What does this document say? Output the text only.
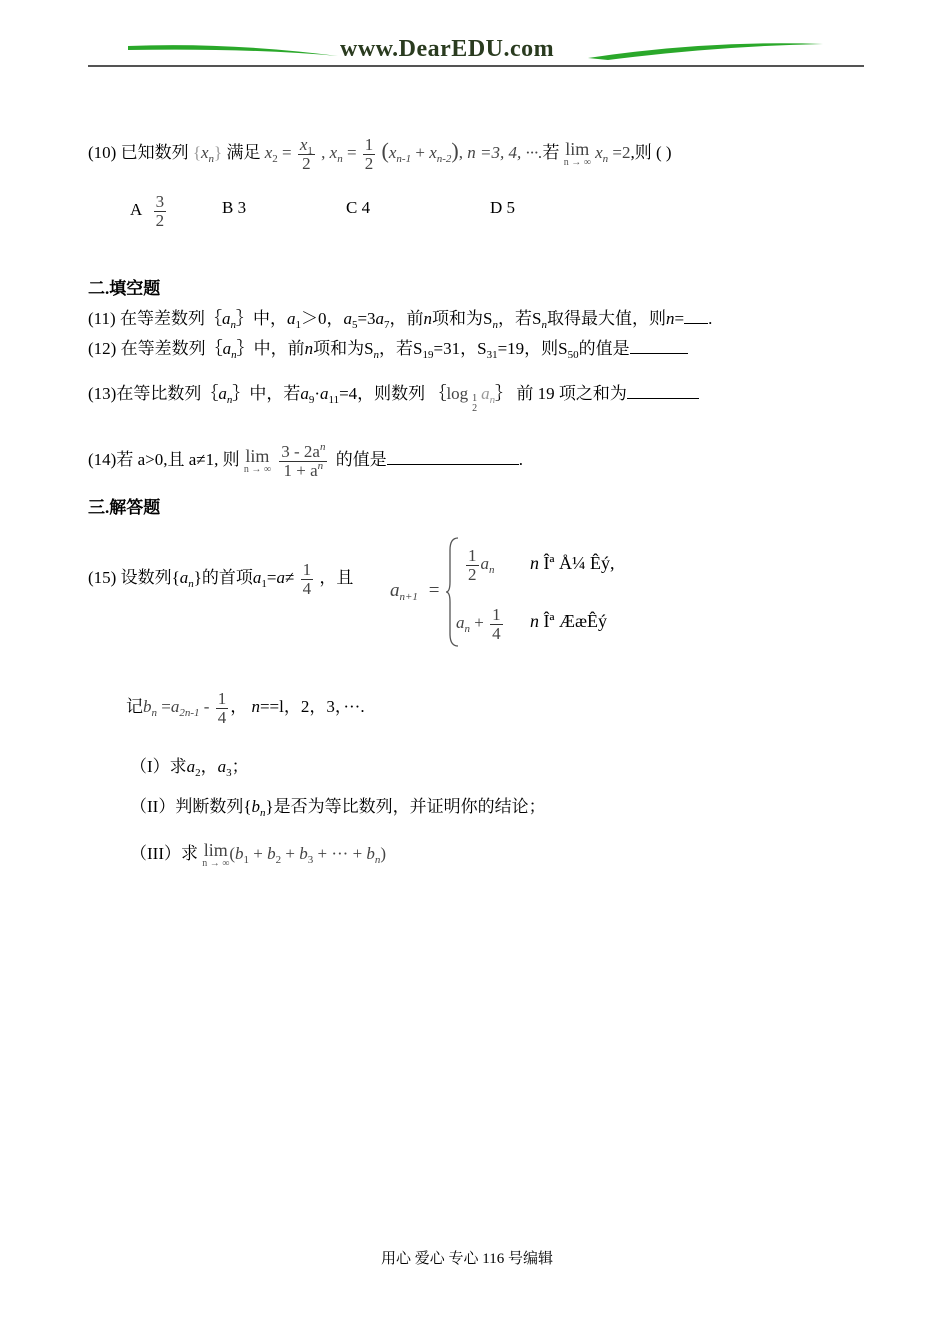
www.DearEDU.com
(10) 已知数列 $\{x_n\}$ 满足 $x_2 = \frac{x_1}{2}$ , $x_n = \frac{1}{2} (x_{n-1} + x_{n-2})$, n =3, 4, ···.若 lim
n → ∞
$x_n =2$,则 ( )
A $\frac{3}{2}$	B 3	C 4	D 5
二.填空题
(11) 在等差数列$\{a_n\}$中，$a_1>0$，$a_5=3a_7$，前n项和为$S_n$，若$S_n$取得最大值，则n= .
(12) 在等差数列$\{a_n\}$中，前n项和为$S_n$，若$S_{19}=31$，$S_{31}=19$，则$S_{50}$的值是
(13)在等比数列$\{a_n\}$中，若$a_9\cdot a_{11}=4$，则数列 ｛log 1
2
$a_n\}$ 前 19 项之和为
(14)若 a>0,且 a≠1, 则 lim
n → ∞
$\frac{3 - 2a^n}{1 + a^n}$ 的值是	.
三.解答题
(15) 设数列$\{a_n\}$的首项$a_1=a\ne \frac{1}{4}$ ，且
$a_{n+1}$ =
$\frac{1}{2} a_n$ n Îª Å¼ Êý,
$a_n + \frac{1}{4}$ n Îª ÆæÊý
记$b_n =a_{2n-1} - \frac{1}{4}$ ， n==l，2，3，···.
（I）求$a_2$，$a_3$；
（II）判断数列$\{b_n\}$是否为等比数列，并证明你的结论；
（III）求 lim
n → ∞
($b_1 + b_2 + b_3$ + ··· + $b_n$)
用心 爱心 专心 116 号编辑
